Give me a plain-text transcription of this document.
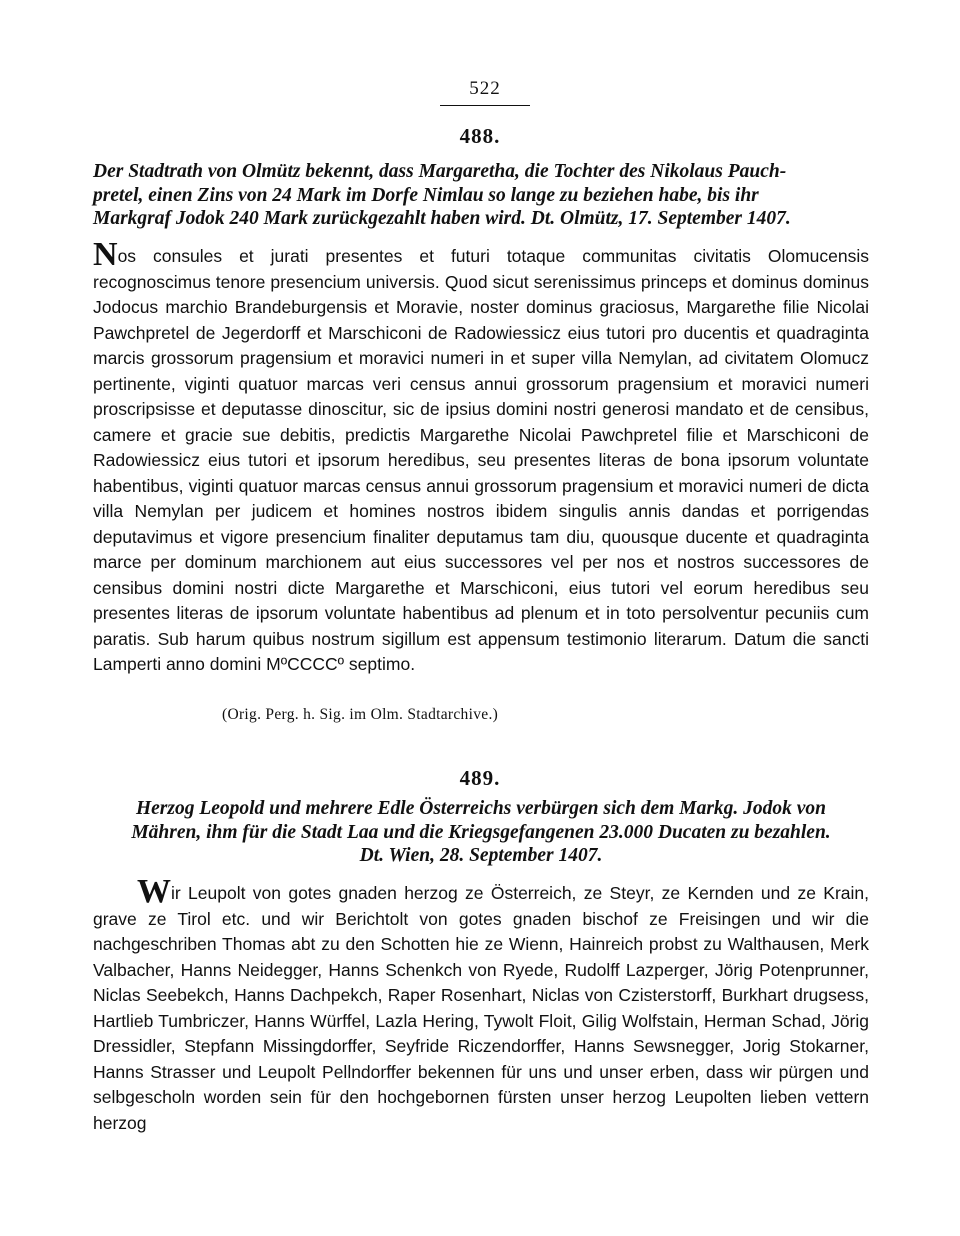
522
488.

Der Stadtrath von Olmütz bekennt, dass Margaretha, die Tochter des Nikolaus Pauch-
pretel, einen Zins von 24 Mark im Dorfe Nimlau so lange zu beziehen habe, bis ihr
Markgraf Jodok 240 Mark zurückgezahlt haben wird. Dt. Olmütz, 17. September 1407.

Nos consules et jurati presentes et futuri totaque communitas civitatis Olomucensis recognoscimus tenore presencium universis. Quod sicut serenissimus princeps et dominus dominus Jodocus marchio Brandeburgensis et Moravie, noster dominus graciosus, Margarethe filie Nicolai Pawchpretel de Jegerdorff et Marschiconi de Radowiessicz eius tutori pro ducentis et quadraginta marcis grossorum pragensium et moravici numeri in et super villa Nemylan, ad civitatem Olomucz pertinente, viginti quatuor marcas veri census annui grossorum pragensium et moravici numeri proscripsisse et deputasse dinoscitur, sic de ipsius domini nostri generosi mandato et de censibus, camere et gracie sue debitis, predictis Margarethe Nicolai Pawchpretel filie et Marschiconi de Radowiessicz eius tutori et ipsorum heredibus, seu presentes literas de bona ipsorum voluntate habentibus, viginti quatuor marcas census annui grossorum pragensium et moravici numeri de dicta villa Nemylan per judicem et homines nostros ibidem singulis annis dandas et porrigendas deputavimus et vigore presencium finaliter deputamus tam diu, quousque ducente et quadraginta marce per dominum marchionem aut eius successores vel per nos et nostros successores de censibus domini nostri dicte Margarethe et Marschiconi, eius tutori vel eorum heredibus seu presentes literas de ipsorum voluntate habentibus ad plenum et in toto persolventur pecuniis cum paratis. Sub harum quibus nostrum sigillum est appensum testimonio literarum. Datum die sancti Lamperti anno domini MºCCCCº septimo.

(Orig. Perg. h. Sig. im Olm. Stadtarchive.)

489.

Herzog Leopold und mehrere Edle Österreichs verbürgen sich dem Markg. Jodok von
Mähren, ihm für die Stadt Laa und die Kriegsgefangenen 23.000 Ducaten zu bezahlen.
Dt. Wien, 28. September 1407.

Wir Leupolt von gotes gnaden herzog ze Österreich, ze Steyr, ze Kernden und ze Krain, grave ze Tirol etc. und wir Berichtolt von gotes gnaden bischof ze Freisingen und wir die nachgeschriben Thomas abt zu den Schotten hie ze Wienn, Hainreich probst zu Walthausen, Merk Valbacher, Hanns Neidegger, Hanns Schenkch von Ryede, Rudolff Lazperger, Jörig Potenprunner, Niclas Seebekch, Hanns Dachpekch, Raper Rosenhart, Niclas von Czisterstorff, Burkhart drugsess, Hartlieb Tumbriczer, Hanns Würffel, Lazla Hering, Tywolt Floit, Gilig Wolfstain, Herman Schad, Jörig Dressidler, Stepfann Missingdorffer, Seyfride Riczendorffer, Hanns Sewsnegger, Jorig Stokarner, Hanns Strasser und Leupolt Pellndorffer bekennen für uns und unser erben, dass wir pürgen und selbgescholn worden sein für den hochgebornen fürsten unser herzog Leupolten lieben vettern herzog
